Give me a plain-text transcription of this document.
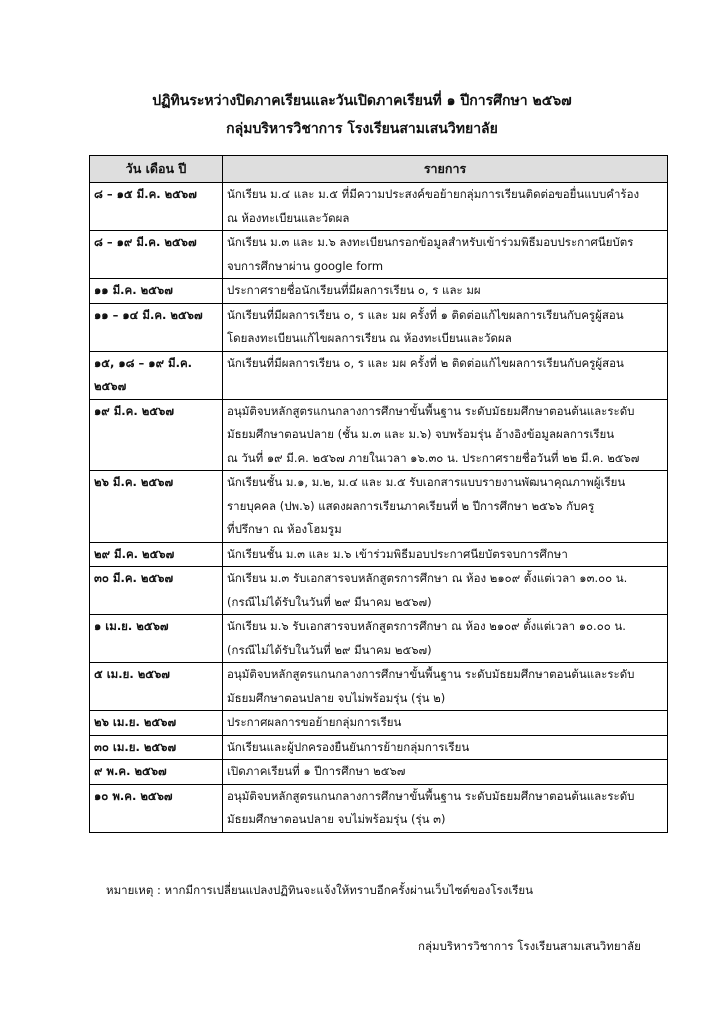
ปฏิทินระหว่างปิดภาคเรียนและวันเปิดภาคเรียนที่ ๑ ปีการศึกษา ๒๕๖๗
กลุ่มบริหารวิชาการ โรงเรียนสามเสนวิทยาลัย
วัน เดือน ปี	รายการ

๘ – ๑๕ มี.ค. ๒๕๖๗	นักเรียน ม.๔ และ ม.๕ ที่มีความประสงค์ขอย้ายกลุ่มการเรียนติดต่อขอยื่นแบบคำร้อง
ณ ห้องทะเบียนและวัดผล

๘ – ๑๙ มี.ค. ๒๕๖๗	นักเรียน ม.๓ และ ม.๖ ลงทะเบียนกรอกข้อมูลสำหรับเข้าร่วมพิธีมอบประกาศนียบัตร
จบการศึกษาผ่าน google form

๑๑ มี.ค. ๒๕๖๗	ประกาศรายชื่อนักเรียนที่มีผลการเรียน ๐, ร และ มผ

๑๑ – ๑๔ มี.ค. ๒๕๖๗	นักเรียนที่มีผลการเรียน ๐, ร และ มผ ครั้งที่ ๑ ติดต่อแก้ไขผลการเรียนกับครูผู้สอน
โดยลงทะเบียนแก้ไขผลการเรียน ณ ห้องทะเบียนและวัดผล

๑๕, ๑๘ – ๑๙ มี.ค.
๒๕๖๗	นักเรียนที่มีผลการเรียน ๐, ร และ มผ ครั้งที่ ๒ ติดต่อแก้ไขผลการเรียนกับครูผู้สอน

๑๙ มี.ค. ๒๕๖๗	อนุมัติจบหลักสูตรแกนกลางการศึกษาขั้นพื้นฐาน ระดับมัธยมศึกษาตอนต้นและระดับ
มัธยมศึกษาตอนปลาย (ชั้น ม.๓ และ ม.๖) จบพร้อมรุ่น อ้างอิงข้อมูลผลการเรียน
ณ วันที่ ๑๙ มี.ค. ๒๕๖๗ ภายในเวลา ๑๖.๓๐ น. ประกาศรายชื่อวันที่ ๒๒ มี.ค. ๒๕๖๗

๒๖ มี.ค. ๒๕๖๗	นักเรียนชั้น ม.๑, ม.๒, ม.๔ และ ม.๕ รับเอกสารแบบรายงานพัฒนาคุณภาพผู้เรียน
รายบุคคล (ปพ.๖) แสดงผลการเรียนภาคเรียนที่ ๒ ปีการศึกษา ๒๕๖๖ กับครู
ที่ปรึกษา ณ ห้องโฮมรูม

๒๙ มี.ค. ๒๕๖๗	นักเรียนชั้น ม.๓ และ ม.๖ เข้าร่วมพิธีมอบประกาศนียบัตรจบการศึกษา

๓๐ มี.ค. ๒๕๖๗	นักเรียน ม.๓ รับเอกสารจบหลักสูตรการศึกษา ณ ห้อง ๒๑๐๙ ตั้งแต่เวลา ๑๓.๐๐ น.
(กรณีไม่ได้รับในวันที่ ๒๙ มีนาคม ๒๕๖๗)

๑ เม.ย. ๒๕๖๗	นักเรียน ม.๖ รับเอกสารจบหลักสูตรการศึกษา ณ ห้อง ๒๑๐๙ ตั้งแต่เวลา ๑๐.๐๐ น.
(กรณีไม่ได้รับในวันที่ ๒๙ มีนาคม ๒๕๖๗)

๕ เม.ย. ๒๕๖๗	อนุมัติจบหลักสูตรแกนกลางการศึกษาขั้นพื้นฐาน ระดับมัธยมศึกษาตอนต้นและระดับ
มัธยมศึกษาตอนปลาย จบไม่พร้อมรุ่น (รุ่น ๒)

๒๖ เม.ย. ๒๕๖๗	ประกาศผลการขอย้ายกลุ่มการเรียน

๓๐ เม.ย. ๒๕๖๗	นักเรียนและผู้ปกครองยืนยันการย้ายกลุ่มการเรียน

๙ พ.ค. ๒๕๖๗	เปิดภาคเรียนที่ ๑ ปีการศึกษา ๒๕๖๗

๑๐ พ.ค. ๒๕๖๗	อนุมัติจบหลักสูตรแกนกลางการศึกษาขั้นพื้นฐาน ระดับมัธยมศึกษาตอนต้นและระดับ
มัธยมศึกษาตอนปลาย จบไม่พร้อมรุ่น (รุ่น ๓)
หมายเหตุ : หากมีการเปลี่ยนแปลงปฏิทินจะแจ้งให้ทราบอีกครั้งผ่านเว็บไซต์ของโรงเรียน
กลุ่มบริหารวิชาการ โรงเรียนสามเสนวิทยาลัย
